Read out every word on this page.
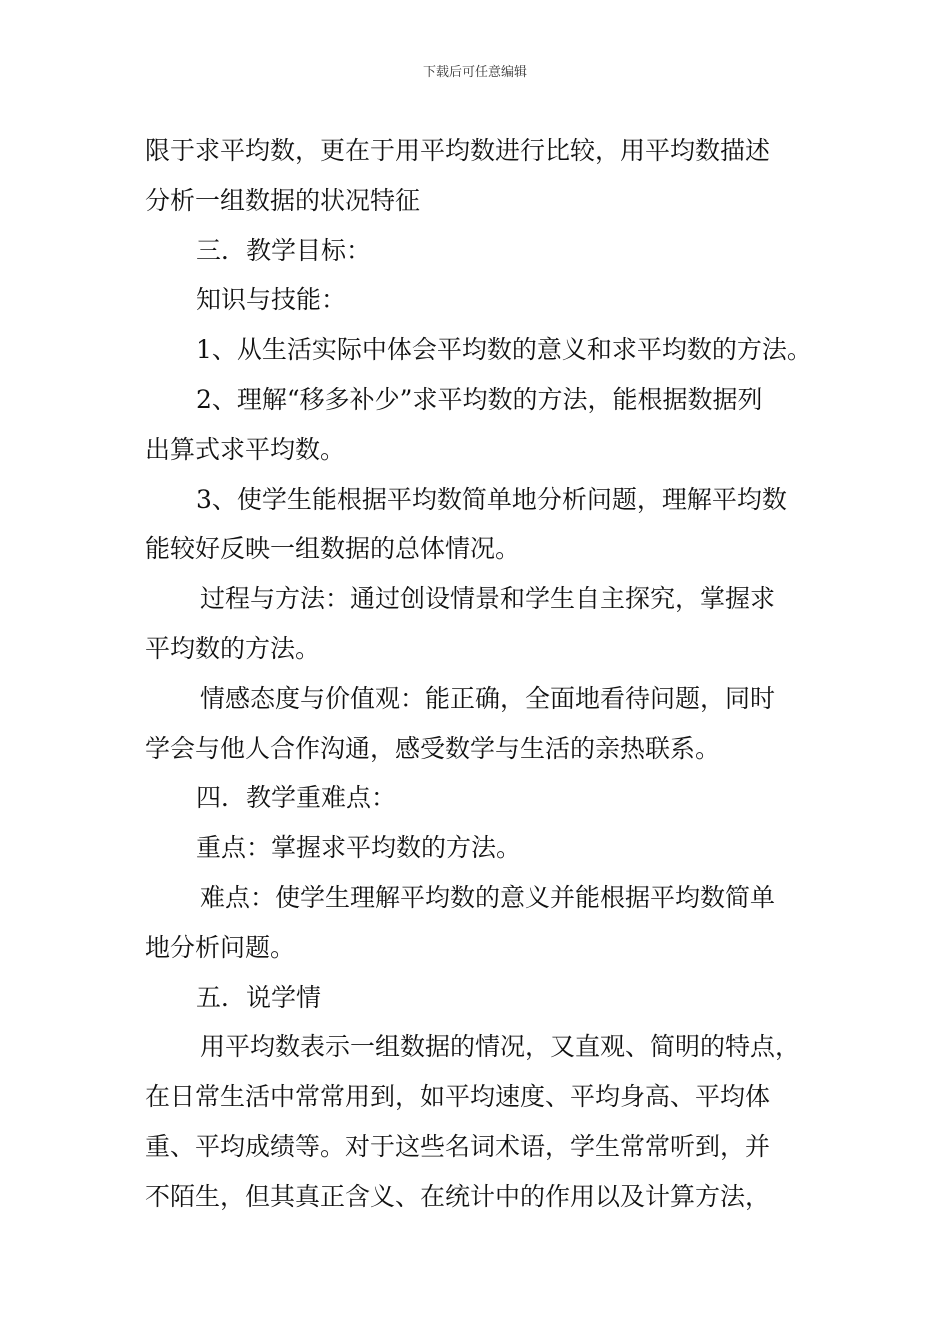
下载后可任意编辑
限于求平均数，更在于用平均数进行比较，用平均数描述
分析一组数据的状况特征
三．教学目标：
知识与技能：
1、从生活实际中体会平均数的意义和求平均数的方法。
2、理解“移多补少”求平均数的方法，能根据数据列
出算式求平均数。
3、使学生能根据平均数简单地分析问题，理解平均数
能较好反映一组数据的总体情况。
过程与方法：通过创设情景和学生自主探究，掌握求
平均数的方法。
情感态度与价值观：能正确，全面地看待问题，同时
学会与他人合作沟通，感受数学与生活的亲热联系。
四．教学重难点：
重点：掌握求平均数的方法。
难点：使学生理解平均数的意义并能根据平均数简单
地分析问题。
五．说学情
用平均数表示一组数据的情况，又直观、简明的特点，
在日常生活中常常用到，如平均速度、平均身高、平均体
重、平均成绩等。对于这些名词术语，学生常常听到，并
不陌生，但其真正含义、在统计中的作用以及计算方法，
